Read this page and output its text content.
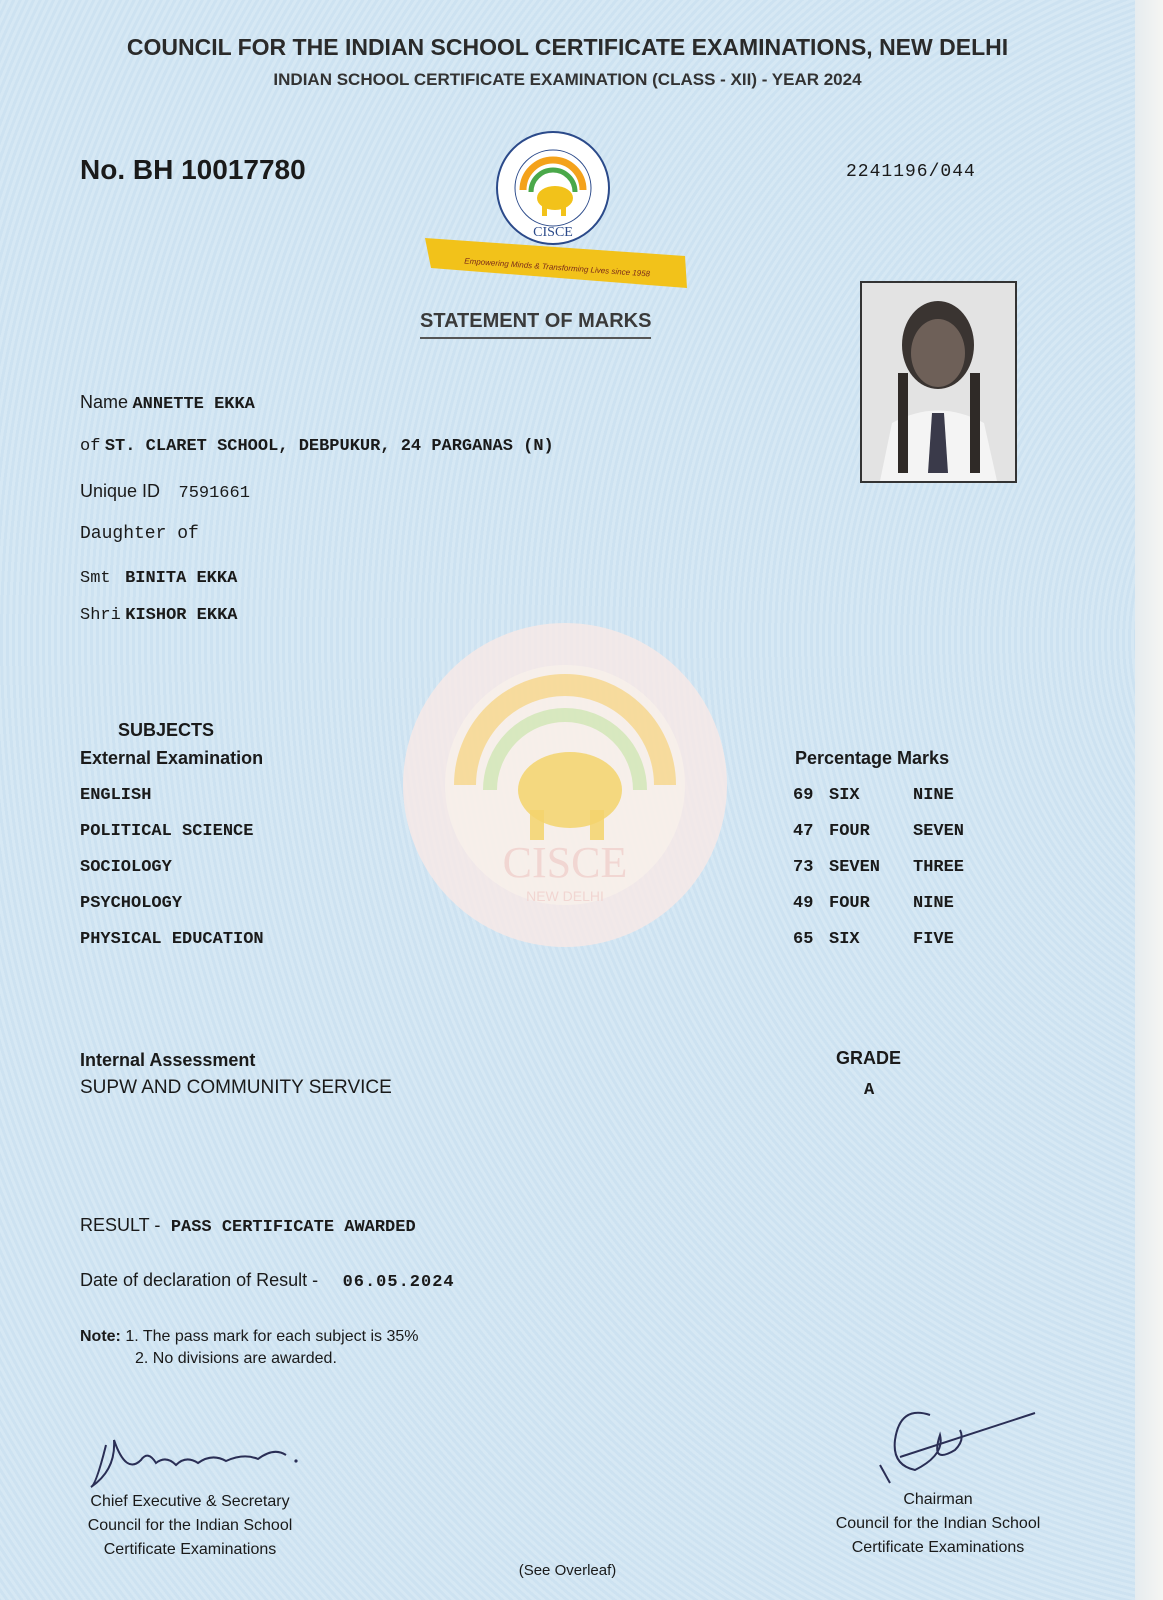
CISCE
NEW DELHI
COUNCIL FOR THE INDIAN SCHOOL CERTIFICATE EXAMINATIONS, NEW DELHI
INDIAN SCHOOL CERTIFICATE EXAMINATION (CLASS - XII) - YEAR 2024
No. BH 10017780	2241196/044
CISCE
Empowering Minds & Transforming Lives since 1958
STATEMENT OF MARKS
Name ANNETTE EKKA
of ST. CLARET SCHOOL, DEBPUKUR, 24 PARGANAS (N)
Unique ID 7591661
Daughter of
Smt BINITA EKKA
Shri KISHOR EKKA
SUBJECTS
External Examination	Percentage Marks
ENGLISH	69 SIX	NINE
POLITICAL SCIENCE	47 FOUR	SEVEN
SOCIOLOGY	73 SEVEN THREE
PSYCHOLOGY	49 FOUR	NINE
PHYSICAL EDUCATION	65 SIX	FIVE
Internal Assessment
SUPW AND COMMUNITY SERVICE
GRADE
A
RESULT - PASS CERTIFICATE AWARDED
Date of declaration of Result - 06.05.2024
Note: 1. The pass mark for each subject is 35%
2. No divisions are awarded.
Chief Executive & Secretary
Council for the Indian School
Certificate Examinations
Chairman
Council for the Indian School
Certificate Examinations
(See Overleaf)
